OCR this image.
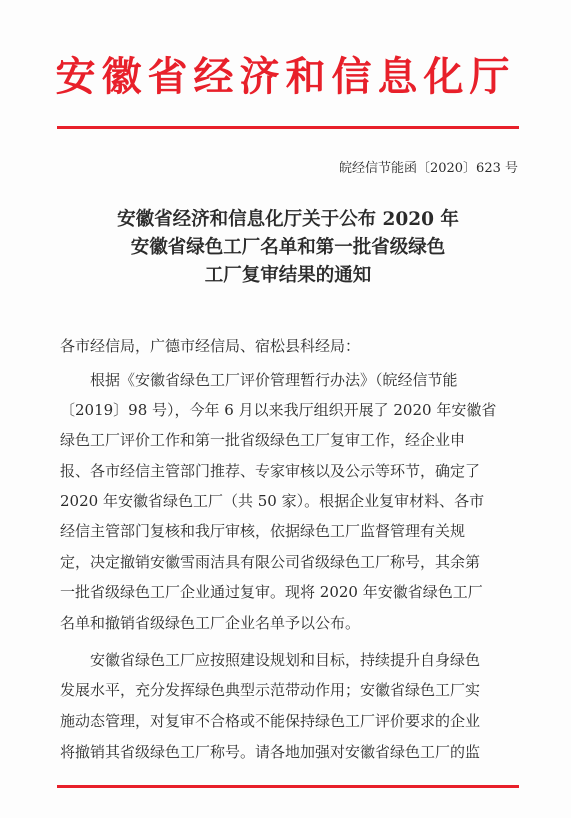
安徽省经济和信息化厅
皖经信节能函〔2020〕623 号
安徽省经济和信息化厅关于公布 2020 年
安徽省绿色工厂名单和第一批省级绿色
工厂复审结果的通知
各市经信局，广德市经信局、宿松县科经局：
　　根据《安徽省绿色工厂评价管理暂行办法》（皖经信节能
〔2019〕98 号），今年 6 月以来我厅组织开展了 2020 年安徽省
绿色工厂评价工作和第一批省级绿色工厂复审工作，经企业申
报、各市经信主管部门推荐、专家审核以及公示等环节，确定了
2020 年安徽省绿色工厂（共 50 家）。根据企业复审材料、各市
经信主管部门复核和我厅审核，依据绿色工厂监督管理有关规
定，决定撤销安徽雪雨洁具有限公司省级绿色工厂称号，其余第
一批省级绿色工厂企业通过复审。现将 2020 年安徽省绿色工厂
名单和撤销省级绿色工厂企业名单予以公布。
　　安徽省绿色工厂应按照建设规划和目标，持续提升自身绿色
发展水平，充分发挥绿色典型示范带动作用；安徽省绿色工厂实
施动态管理，对复审不合格或不能保持绿色工厂评价要求的企业
将撤销其省级绿色工厂称号。请各地加强对安徽省绿色工厂的监
